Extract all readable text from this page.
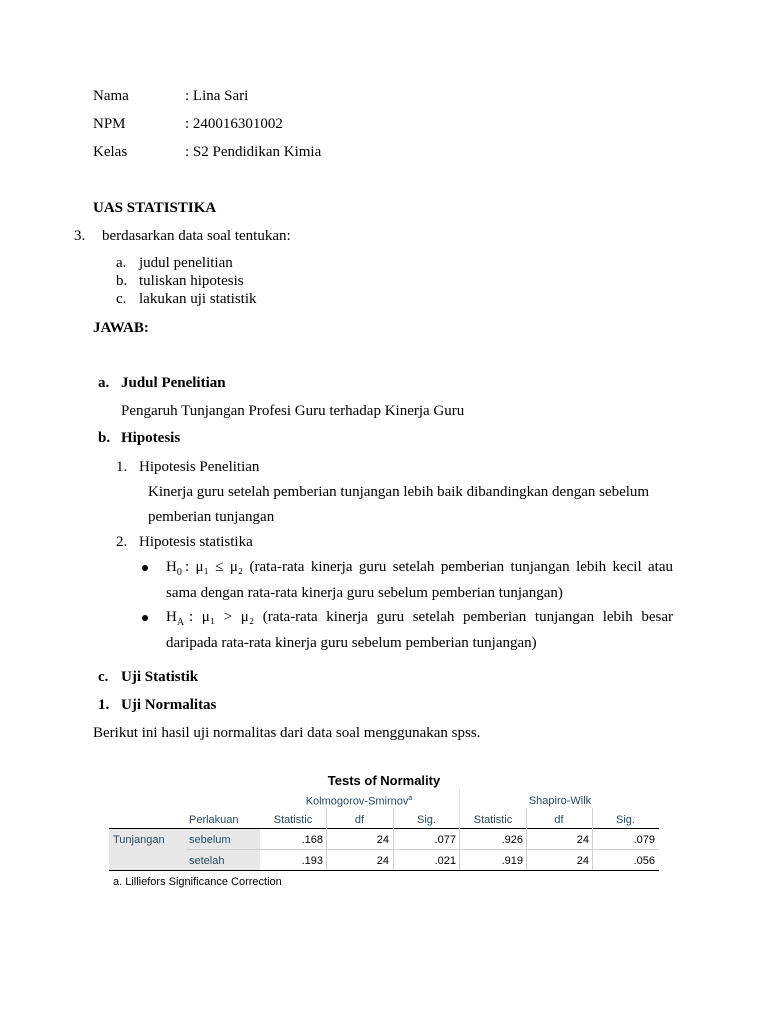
Nama	: Lina Sari
NPM	: 240016301002
Kelas	: S2 Pendidikan Kimia
UAS STATISTIKA
3. berdasarkan data soal tentukan:
a. judul penelitian
b. tuliskan hipotesis
c. lakukan uji statistik
JAWAB:
a. Judul Penelitian
Pengaruh Tunjangan Profesi Guru terhadap Kinerja Guru
b. Hipotesis
1. Hipotesis Penelitian
Kinerja guru setelah pemberian tunjangan lebih baik dibandingkan dengan sebelum
pemberian tunjangan
2. Hipotesis statistika
$H_0$ : μ₁ ≤ μ₂ (rata-rata kinerja guru setelah pemberian tunjangan lebih kecil atau
sama dengan rata-rata kinerja guru sebelum pemberian tunjangan)
$H_A$ : μ₁ > μ₂ (rata-rata kinerja guru setelah pemberian tunjangan lebih besar
daripada rata-rata kinerja guru sebelum pemberian tunjangan)
c. Uji Statistik
1. Uji Normalitas
Berikut ini hasil uji normalitas dari data soal menggunakan spss.
Tests of Normality
Kolmogorov-Smirnov$^a$	Shapiro-Wilk
Perlakuan	Statistic	df	Sig.	Statistic	df	Sig.
Tunjangan sebelum	.168	24	.077	.926	24	.079
setelah	.193	24	.021	.919	24	.056
a. Lilliefors Significance Correction
